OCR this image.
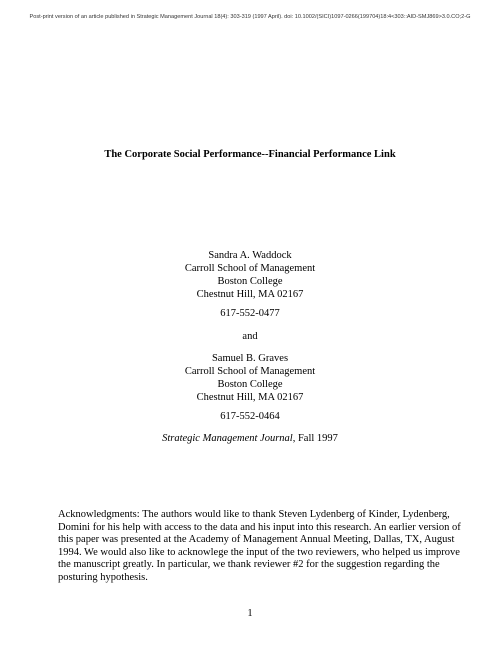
Post-print version of an article published in Strategic Management Journal 18(4): 303-319 (1997 April). doi: 10.1002/(SICI)1097-0266(199704)18:4<303::AID-SMJ869>3.0.CO;2-G
The Corporate Social Performance--Financial Performance Link
Sandra A. Waddock
Carroll School of Management
Boston College
Chestnut Hill, MA 02167
617-552-0477
and
Samuel B. Graves
Carroll School of Management
Boston College
Chestnut Hill, MA 02167
617-552-0464
Strategic Management Journal, Fall 1997
Acknowledgments: The authors would like to thank Steven Lydenberg of Kinder, Lydenberg,
Domini for his help with access to the data and his input into this research. An earlier version of
this paper was presented at the Academy of Management Annual Meeting, Dallas, TX, August
1994. We would also like to acknowlege the input of the two reviewers, who helped us improve
the manuscript greatly. In particular, we thank reviewer #2 for the suggestion regarding the
posturing hypothesis.
1
